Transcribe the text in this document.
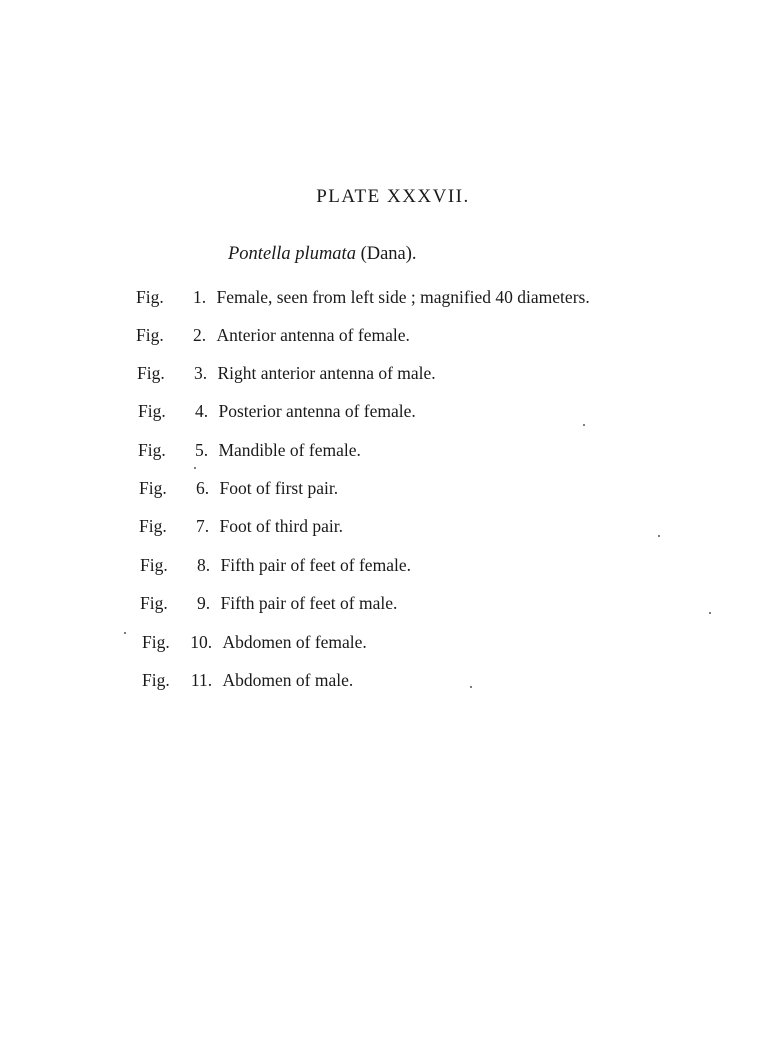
PLATE XXXVII.
Pontella plumata (Dana).
Fig. 1. Female, seen from left side ; magnified 40 diameters.
Fig. 2. Anterior antenna of female.
Fig. 3. Right anterior antenna of male.
Fig. 4. Posterior antenna of female.
Fig. 5. Mandible of female.
Fig. 6. Foot of first pair.
Fig. 7. Foot of third pair.
Fig. 8. Fifth pair of feet of female.
Fig. 9. Fifth pair of feet of male.
Fig. 10. Abdomen of female.
Fig. 11. Abdomen of male.
